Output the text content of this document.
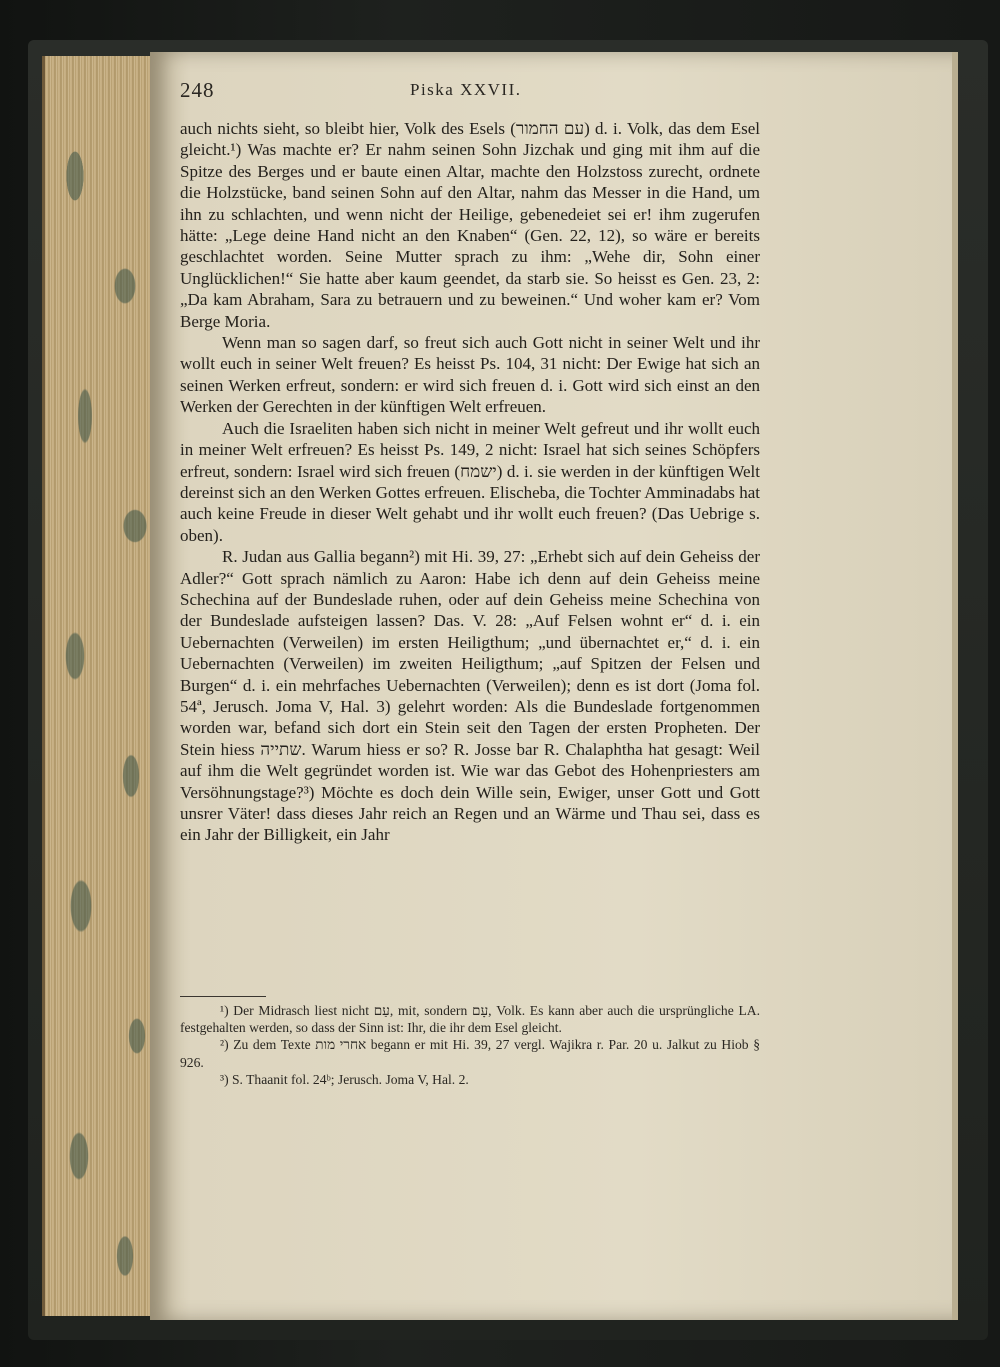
248	Piska XXVII.

auch nichts sieht, so bleibt hier, Volk des Esels (עם החמור) d. i. Volk, das dem Esel gleicht.¹) Was machte er? Er nahm seinen Sohn Jizchak und ging mit ihm auf die Spitze des Berges und er baute einen Altar, machte den Holzstoss zurecht, ordnete die Holzstücke, band seinen Sohn auf den Altar, nahm das Messer in die Hand, um ihn zu schlachten, und wenn nicht der Heilige, gebenedeiet sei er! ihm zugerufen hätte: „Lege deine Hand nicht an den Knaben“ (Gen. 22, 12), so wäre er bereits geschlachtet worden. Seine Mutter sprach zu ihm: „Wehe dir, Sohn einer Unglücklichen!“ Sie hatte aber kaum geendet, da starb sie. So heisst es Gen. 23, 2: „Da kam Abraham, Sara zu betrauern und zu beweinen.“ Und woher kam er? Vom Berge Moria.

Wenn man so sagen darf, so freut sich auch Gott nicht in seiner Welt und ihr wollt euch in seiner Welt freuen? Es heisst Ps. 104, 31 nicht: Der Ewige hat sich an seinen Werken erfreut, sondern: er wird sich freuen d. i. Gott wird sich einst an den Werken der Gerechten in der künftigen Welt erfreuen.

Auch die Israeliten haben sich nicht in meiner Welt gefreut und ihr wollt euch in meiner Welt erfreuen? Es heisst Ps. 149, 2 nicht: Israel hat sich seines Schöpfers erfreut, sondern: Israel wird sich freuen (ישמח) d. i. sie werden in der künftigen Welt dereinst sich an den Werken Gottes erfreuen. Elischeba, die Tochter Amminadabs hat auch keine Freude in dieser Welt gehabt und ihr wollt euch freuen? (Das Uebrige s. oben).

R. Judan aus Gallia begann²) mit Hi. 39, 27: „Erhebt sich auf dein Geheiss der Adler?“ Gott sprach nämlich zu Aaron: Habe ich denn auf dein Geheiss meine Schechina auf der Bundeslade ruhen, oder auf dein Geheiss meine Schechina von der Bundeslade aufsteigen lassen? Das. V. 28: „Auf Felsen wohnt er“ d. i. ein Uebernachten (Verweilen) im ersten Heiligthum; „und übernachtet er,“ d. i. ein Uebernachten (Verweilen) im zweiten Heiligthum; „auf Spitzen der Felsen und Burgen“ d. i. ein mehrfaches Uebernachten (Verweilen); denn es ist dort (Joma fol. 54ª, Jerusch. Joma V, Hal. 3) gelehrt worden: Als die Bundeslade fortgenommen worden war, befand sich dort ein Stein seit den Tagen der ersten Propheten. Der Stein hiess שתייה. Warum hiess er so? R. Josse bar R. Chalaphtha hat gesagt: Weil auf ihm die Welt gegründet worden ist. Wie war das Gebot des Hohenpriesters am Versöhnungstage?³) Möchte es doch dein Wille sein, Ewiger, unser Gott und Gott unsrer Väter! dass dieses Jahr reich an Regen und an Wärme und Thau sei, dass es ein Jahr der Billigkeit, ein Jahr

¹) Der Midrasch liest nicht עַם, mit, sondern עָם, Volk. Es kann aber auch die ursprüngliche LA. festgehalten werden, so dass der Sinn ist: Ihr, die ihr dem Esel gleicht.

²) Zu dem Texte אחרי מות begann er mit Hi. 39, 27 vergl. Wajikra r. Par. 20 u. Jalkut zu Hiob § 926.

³) S. Thaanit fol. 24ᵇ; Jerusch. Joma V, Hal. 2.
